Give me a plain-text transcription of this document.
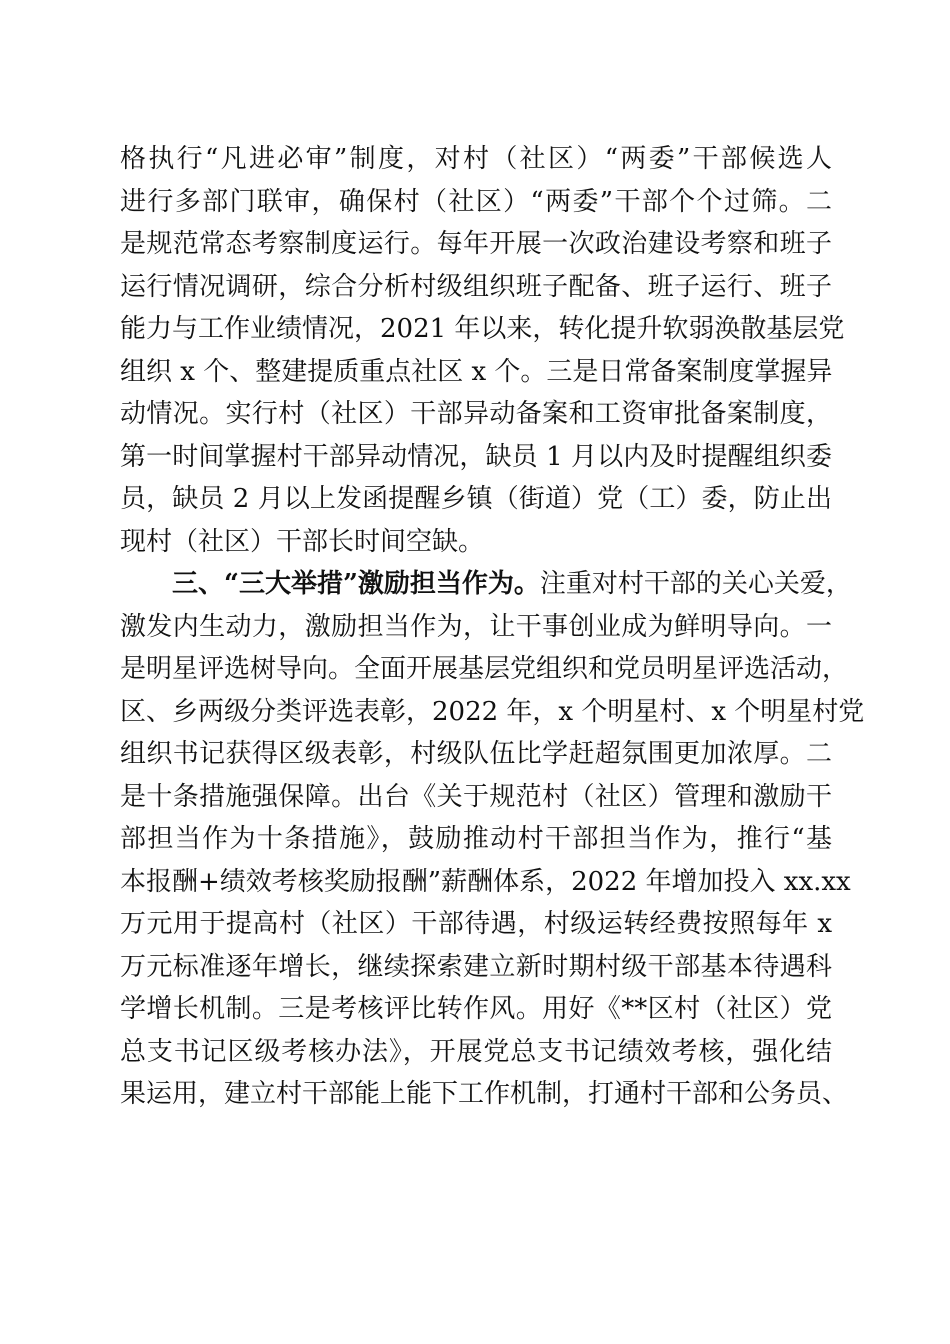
格执行“凡进必审”制度，对村（社区）“两委”干部候选人
进行多部门联审，确保村（社区）“两委”干部个个过筛。二
是规范常态考察制度运行。每年开展一次政治建设考察和班子
运行情况调研，综合分析村级组织班子配备、班子运行、班子
能力与工作业绩情况，2021 年以来，转化提升软弱涣散基层党
组织 x 个、整建提质重点社区 x 个。三是日常备案制度掌握异
动情况。实行村（社区）干部异动备案和工资审批备案制度，
第一时间掌握村干部异动情况，缺员 1 月以内及时提醒组织委
员，缺员 2 月以上发函提醒乡镇（街道）党（工）委，防止出
现村（社区）干部长时间空缺。
三、“三大举措”激励担当作为。注重对村干部的关心关爱，
激发内生动力，激励担当作为，让干事创业成为鲜明导向。一
是明星评选树导向。全面开展基层党组织和党员明星评选活动，
区、乡两级分类评选表彰，2022 年，x 个明星村、x 个明星村党
组织书记获得区级表彰，村级队伍比学赶超氛围更加浓厚。二
是十条措施强保障。出台《关于规范村（社区）管理和激励干
部担当作为十条措施》，鼓励推动村干部担当作为，推行“基
本报酬+绩效考核奖励报酬”薪酬体系，2022 年增加投入 xx.xx
万元用于提高村（社区）干部待遇，村级运转经费按照每年 x
万元标准逐年增长，继续探索建立新时期村级干部基本待遇科
学增长机制。三是考核评比转作风。用好《**区村（社区）党
总支书记区级考核办法》，开展党总支书记绩效考核，强化结
果运用，建立村干部能上能下工作机制，打通村干部和公务员、
